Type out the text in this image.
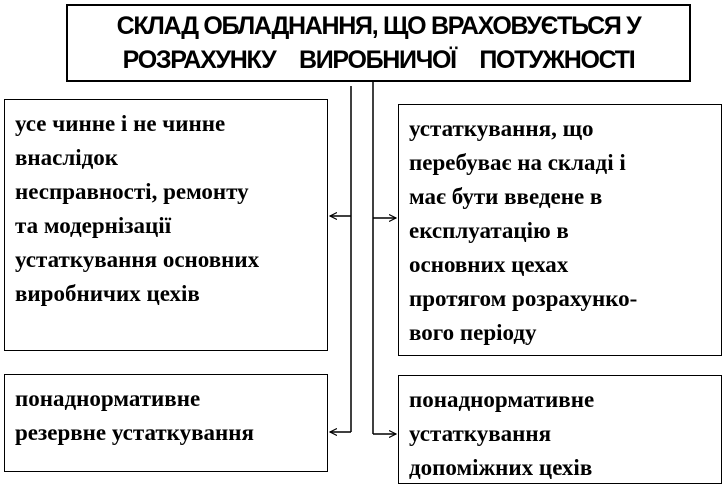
СКЛАД ОБЛАДНАННЯ, ЩО ВРАХОВУЄТЬСЯ У
РОЗРАХУНКУ ВИРОБНИЧОЇ ПОТУЖНОСТІ

усе чинне і не чинне

внаслідок

несправності, ремонту

та модернізації

устаткування основних

виробничих цехів

устаткування, що

перебуває на складі і

має бути введене в

експлуатацію в

основних цехах

протягом розрахунко-

вого періоду

понаднормативне

резервне устаткування

понаднормативне

устаткування

допоміжних цехів
